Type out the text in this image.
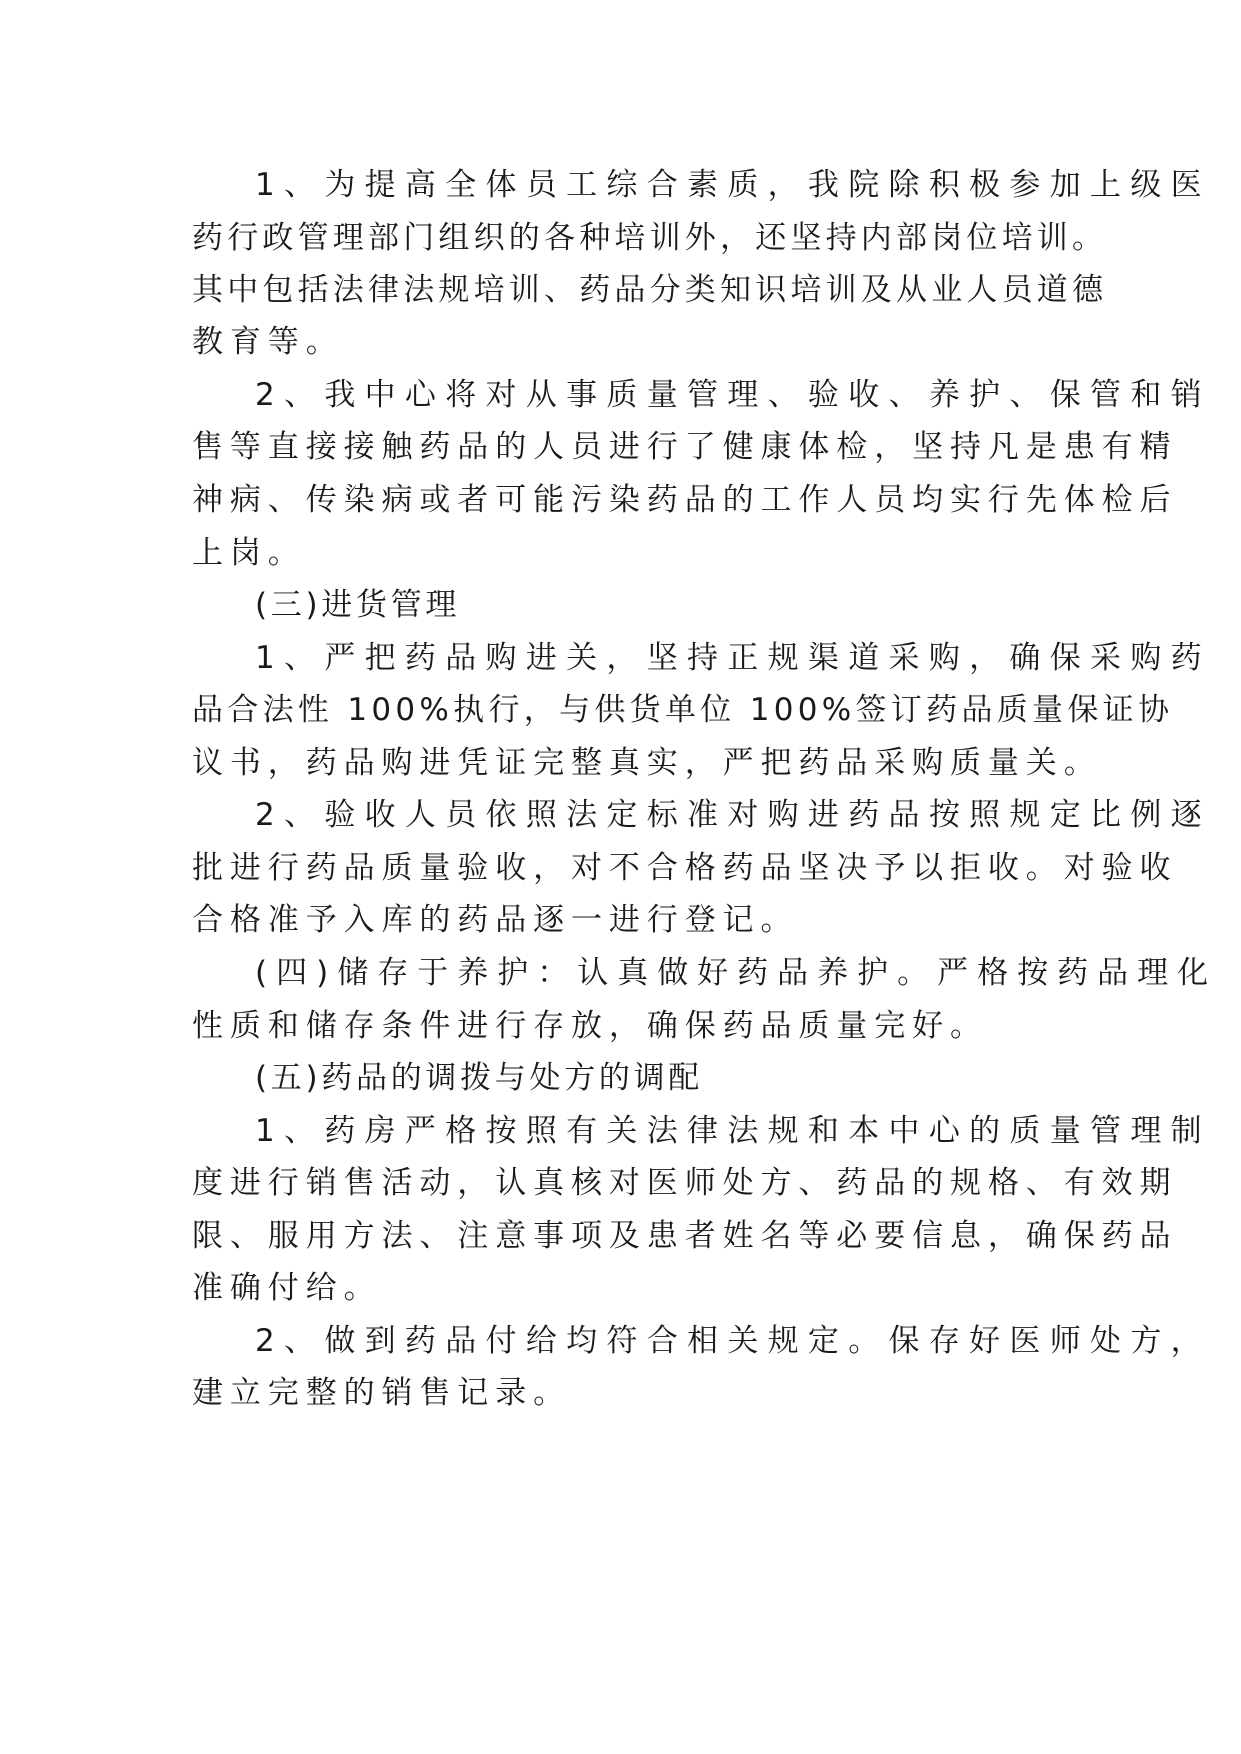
1、为提高全体员工综合素质，我院除积极参加上级医

药行政管理部门组织的各种培训外，还坚持内部岗位培训。

其中包括法律法规培训、药品分类知识培训及从业人员道德

教育等。

2、我中心将对从事质量管理、验收、养护、保管和销

售等直接接触药品的人员进行了健康体检，坚持凡是患有精

神病、传染病或者可能污染药品的工作人员均实行先体检后

上岗。

(三)进货管理

1、严把药品购进关，坚持正规渠道采购，确保采购药

品合法性 100%执行，与供货单位 100%签订药品质量保证协

议书，药品购进凭证完整真实，严把药品采购质量关。

2、验收人员依照法定标准对购进药品按照规定比例逐

批进行药品质量验收，对不合格药品坚决予以拒收。对验收

合格准予入库的药品逐一进行登记。

(四)储存于养护：认真做好药品养护。严格按药品理化

性质和储存条件进行存放，确保药品质量完好。

(五)药品的调拨与处方的调配

1、药房严格按照有关法律法规和本中心的质量管理制

度进行销售活动，认真核对医师处方、药品的规格、有效期

限、服用方法、注意事项及患者姓名等必要信息，确保药品

准确付给。

2、做到药品付给均符合相关规定。保存好医师处方，

建立完整的销售记录。
